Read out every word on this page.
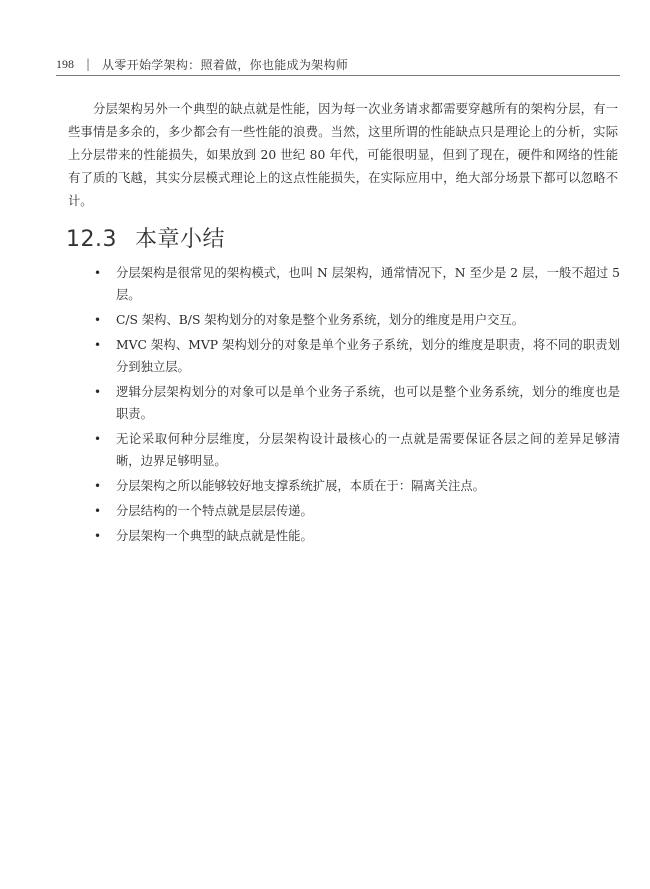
198 | 从零开始学架构：照着做，你也能成为架构师

分层架构另外一个典型的缺点就是性能，因为每一次业务请求都需要穿越所有的架构分层，有一些事情是多余的，多少都会有一些性能的浪费。当然，这里所谓的性能缺点只是理论上的分析，实际上分层带来的性能损失，如果放到 20 世纪 80 年代，可能很明显，但到了现在，硬件和网络的性能有了质的飞越，其实分层模式理论上的这点性能损失，在实际应用中，绝大部分场景下都可以忽略不计。

12.3 本章小结
• 分层架构是很常见的架构模式，也叫 N 层架构，通常情况下，N 至少是 2 层，一般不超过 5 层。
• C/S 架构、B/S 架构划分的对象是整个业务系统，划分的维度是用户交互。
• MVC 架构、MVP 架构划分的对象是单个业务子系统，划分的维度是职责，将不同的职责划分到独立层。
• 逻辑分层架构划分的对象可以是单个业务子系统，也可以是整个业务系统，划分的维度也是职责。
• 无论采取何种分层维度，分层架构设计最核心的一点就是需要保证各层之间的差异足够清晰，边界足够明显。
• 分层架构之所以能够较好地支撑系统扩展，本质在于：隔离关注点。
• 分层结构的一个特点就是层层传递。
• 分层架构一个典型的缺点就是性能。
